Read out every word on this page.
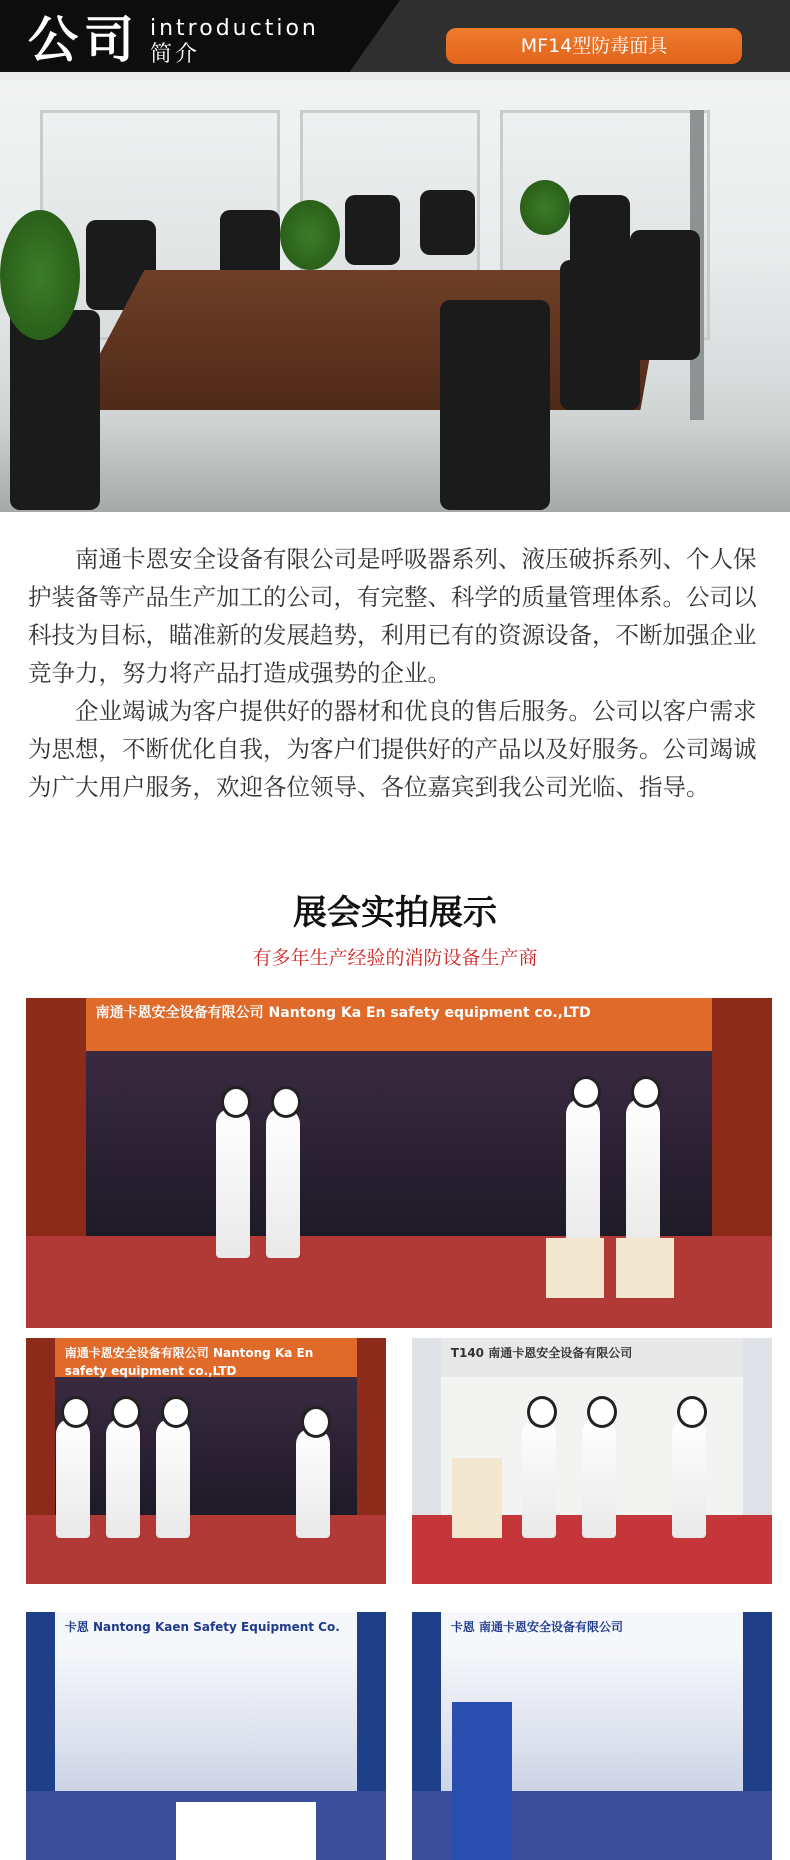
公司 introduction
简介	MF14型防毒面具

南通卡恩安全设备有限公司是呼吸器系列、液压破拆系列、个人保护装备等产品生产加工的公司，有完整、科学的质量管理体系。公司以科技为目标，瞄准新的发展趋势，利用已有的资源设备，不断加强企业竞争力，努力将产品打造成强势的企业。

企业竭诚为客户提供好的器材和优良的售后服务。公司以客户需求为思想，不断优化自我，为客户们提供好的产品以及好服务。公司竭诚为广大用户服务，欢迎各位领导、各位嘉宾到我公司光临、指导。

展会实拍展示
有多年生产经验的消防设备生产商
南通卡恩安全设备有限公司 Nantong Ka En safety equipment co.,LTD
南通卡恩安全设备有限公司 Nantong Ka En safety equipment co.,LTD
T140 南通卡恩安全设备有限公司
卡恩 Nantong Kaen Safety Equipment Co.	卡恩 南通卡恩安全设备有限公司
